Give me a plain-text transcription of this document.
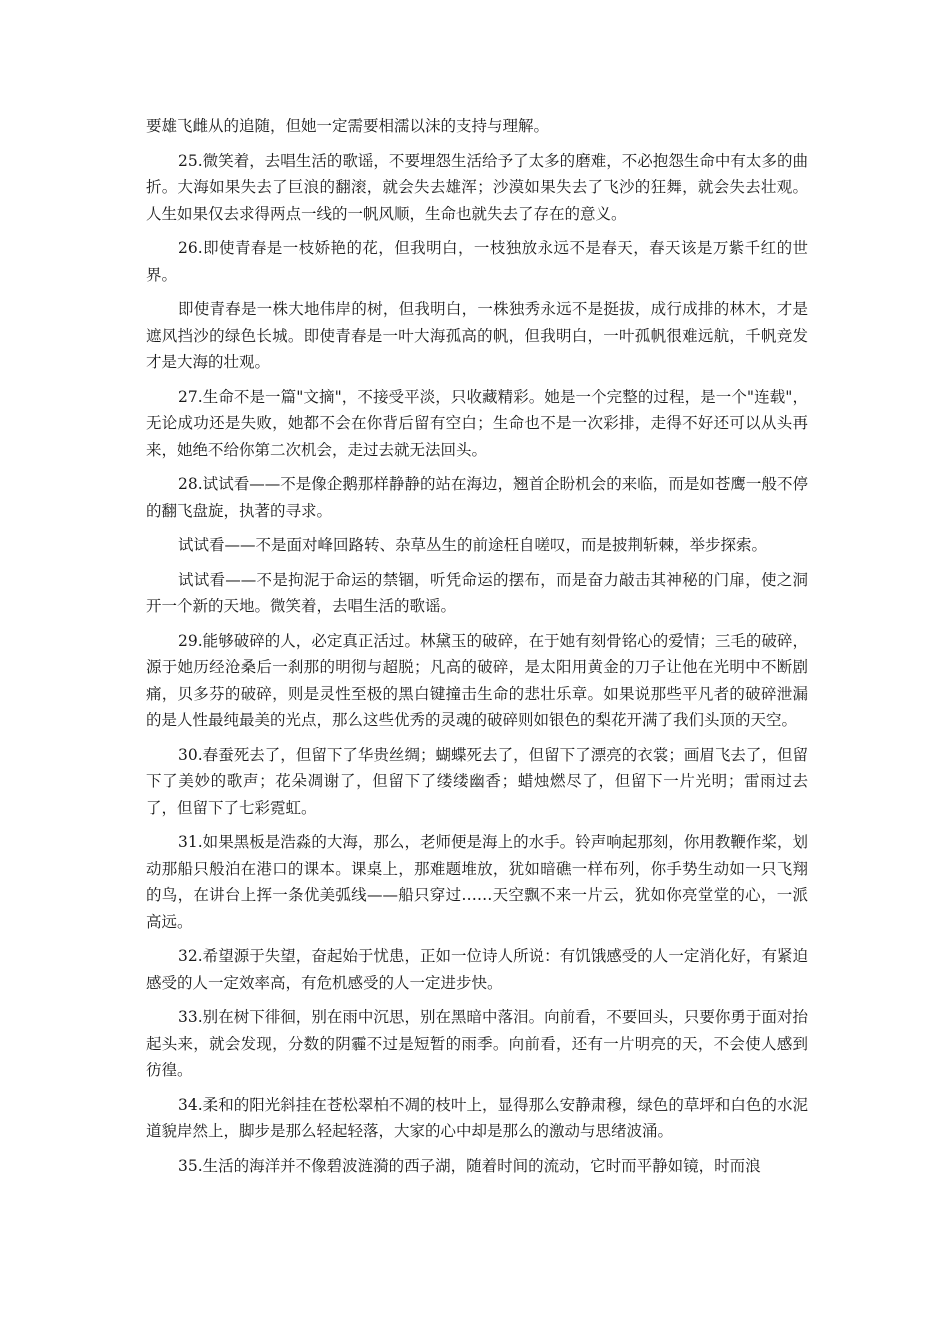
要雄飞雌从的追随，但她一定需要相濡以沫的支持与理解。

25.微笑着，去唱生活的歌谣，不要埋怨生活给予了太多的磨难，不必抱怨生命中有太多的曲折。大海如果失去了巨浪的翻滚，就会失去雄浑；沙漠如果失去了飞沙的狂舞，就会失去壮观。人生如果仅去求得两点一线的一帆风顺，生命也就失去了存在的意义。

26.即使青春是一枝娇艳的花，但我明白，一枝独放永远不是春天，春天该是万紫千红的世界。

即使青春是一株大地伟岸的树，但我明白，一株独秀永远不是挺拔，成行成排的林木，才是遮风挡沙的绿色长城。即使青春是一叶大海孤高的帆，但我明白，一叶孤帆很难远航，千帆竞发才是大海的壮观。

27.生命不是一篇"文摘"，不接受平淡，只收藏精彩。她是一个完整的过程，是一个"连载"，无论成功还是失败，她都不会在你背后留有空白；生命也不是一次彩排，走得不好还可以从头再来，她绝不给你第二次机会，走过去就无法回头。

28.试试看——不是像企鹅那样静静的站在海边，翘首企盼机会的来临，而是如苍鹰一般不停的翻飞盘旋，执著的寻求。

试试看——不是面对峰回路转、杂草丛生的前途枉自嗟叹，而是披荆斩棘，举步探索。

试试看——不是拘泥于命运的禁锢，听凭命运的摆布，而是奋力敲击其神秘的门扉，使之洞开一个新的天地。微笑着，去唱生活的歌谣。

29.能够破碎的人，必定真正活过。林黛玉的破碎，在于她有刻骨铭心的爱情；三毛的破碎，源于她历经沧桑后一刹那的明彻与超脱；凡高的破碎，是太阳用黄金的刀子让他在光明中不断剧痛，贝多芬的破碎，则是灵性至极的黑白键撞击生命的悲壮乐章。如果说那些平凡者的破碎泄漏的是人性最纯最美的光点，那么这些优秀的灵魂的破碎则如银色的梨花开满了我们头顶的天空。

30.春蚕死去了，但留下了华贵丝绸；蝴蝶死去了，但留下了漂亮的衣裳；画眉飞去了，但留下了美妙的歌声；花朵凋谢了，但留下了缕缕幽香；蜡烛燃尽了，但留下一片光明；雷雨过去了，但留下了七彩霓虹。

31.如果黑板是浩淼的大海，那么，老师便是海上的水手。铃声响起那刻，你用教鞭作桨，划动那船只般泊在港口的课本。课桌上，那难题堆放，犹如暗礁一样布列，你手势生动如一只飞翔的鸟，在讲台上挥一条优美弧线——船只穿过……天空飘不来一片云，犹如你亮堂堂的心，一派高远。

32.希望源于失望，奋起始于忧患，正如一位诗人所说：有饥饿感受的人一定消化好，有紧迫感受的人一定效率高，有危机感受的人一定进步快。

33.别在树下徘徊，别在雨中沉思，别在黑暗中落泪。向前看，不要回头，只要你勇于面对抬起头来，就会发现，分数的阴霾不过是短暂的雨季。向前看，还有一片明亮的天，不会使人感到彷徨。

34.柔和的阳光斜挂在苍松翠柏不凋的枝叶上，显得那么安静肃穆，绿色的草坪和白色的水泥道貌岸然上，脚步是那么轻起轻落，大家的心中却是那么的激动与思绪波涌。

35.生活的海洋并不像碧波涟漪的西子湖，随着时间的流动，它时而平静如镜，时而浪
